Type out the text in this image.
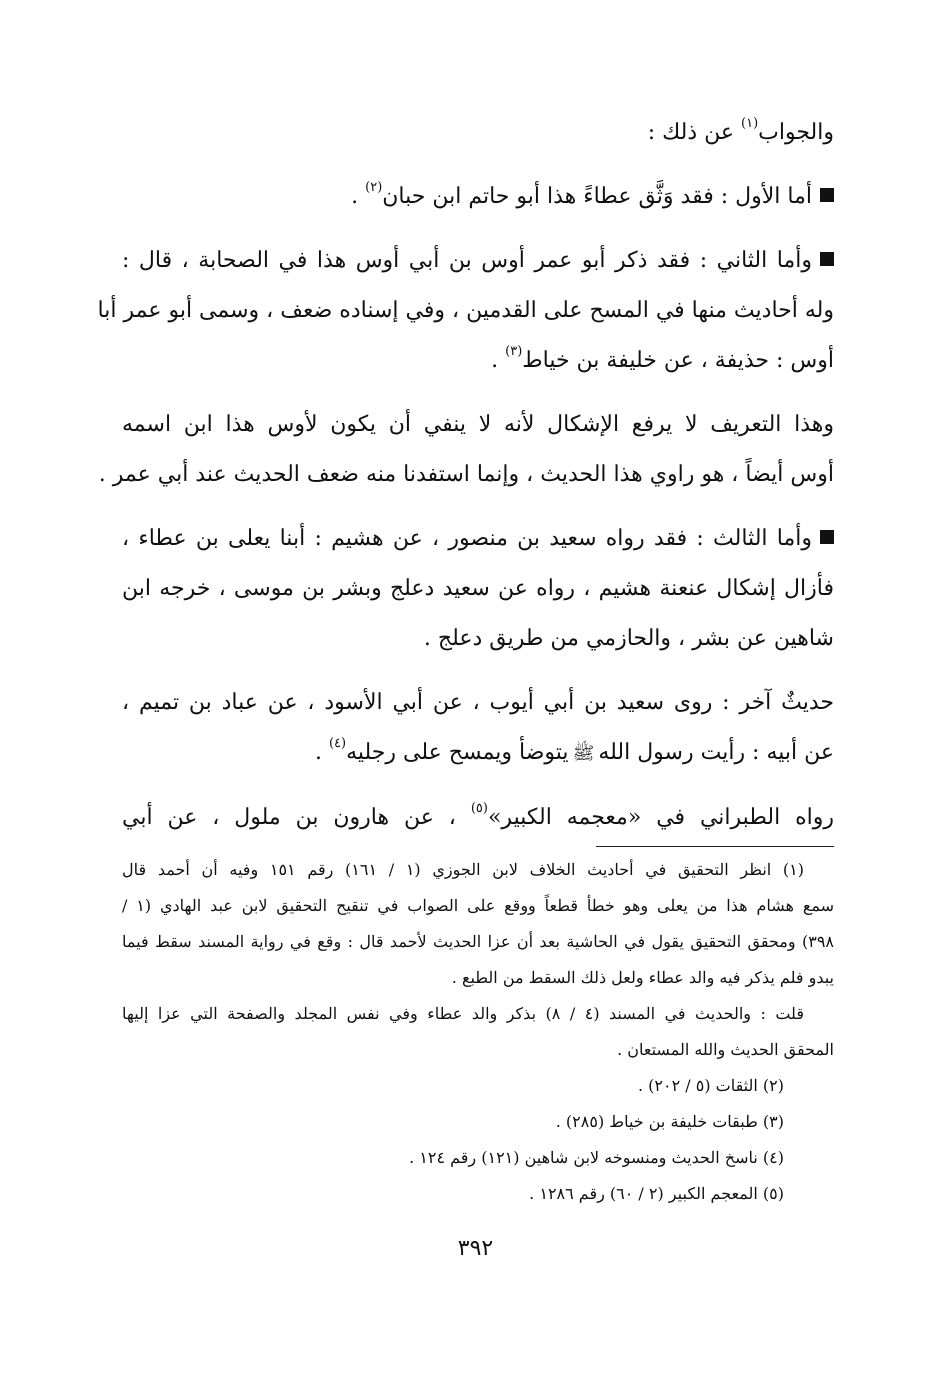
والجواب$^{(١)}$ عن ذلك :

أما الأول : فقد وَثَّق عطاءً هذا أبو حاتم ابن حبان$^{(٢)}$ .

وأما الثاني : فقد ذكر أبو عمر أوس بن أبي أوس هذا في الصحابة ، قال :
وله أحاديث منها في المسح على القدمين ، وفي إسناده ضعف ، وسمى أبو عمر أبا
أوس : حذيفة ، عن خليفة بن خياط$^{(٣)}$ .

وهذا التعريف لا يرفع الإشكال لأنه لا ينفي أن يكون لأوس هذا ابن اسمه
أوس أيضاً ، هو راوي هذا الحديث ، وإنما استفدنا منه ضعف الحديث عند أبي عمر .

وأما الثالث : فقد رواه سعيد بن منصور ، عن هشيم : أبنا يعلى بن عطاء ،
فأزال إشكال عنعنة هشيم ، رواه عن سعيد دعلج وبشر بن موسى ، خرجه ابن
شاهين عن بشر ، والحازمي من طريق دعلج .

حديثٌ آخر : روى سعيد بن أبي أيوب ، عن أبي الأسود ، عن عباد بن تميم ،
عن أبيه : رأيت رسول اللهﷺيتوضأ ويمسح على رجليه$^{(٤)}$ .

رواه الطبراني في «معجمه الكبير»$^{(٥)}$ ، عن هارون بن ملول ، عن أبي

(١) انظر التحقيق في أحاديث الخلاف لابن الجوزي (١ / ١٦١) رقم ١٥١ وفيه أن أحمد قال
سمع هشام هذا من يعلى وهو خطأ قطعاً ووقع على الصواب في تنقيح التحقيق لابن عبد الهادي (١ /
٣٩٨) ومحقق التحقيق يقول في الحاشية بعد أن عزا الحديث لأحمد قال : وقع في رواية المسند سقط فيما
يبدو فلم يذكر فيه والد عطاء ولعل ذلك السقط من الطبع .
قلت : والحديث في المسند (٤ / ٨) بذكر والد عطاء وفي نفس المجلد والصفحة التي عزا إليها
المحقق الحديث والله المستعان .

(٢) الثقات (٥ / ٢٠٢) .

(٣) طبقات خليفة بن خياط (٢٨٥) .

(٤) ناسخ الحديث ومنسوخه لابن شاهين (١٢١) رقم ١٢٤ .

(٥) المعجم الكبير (٢ / ٦٠) رقم ١٢٨٦ .

٣٩٢
